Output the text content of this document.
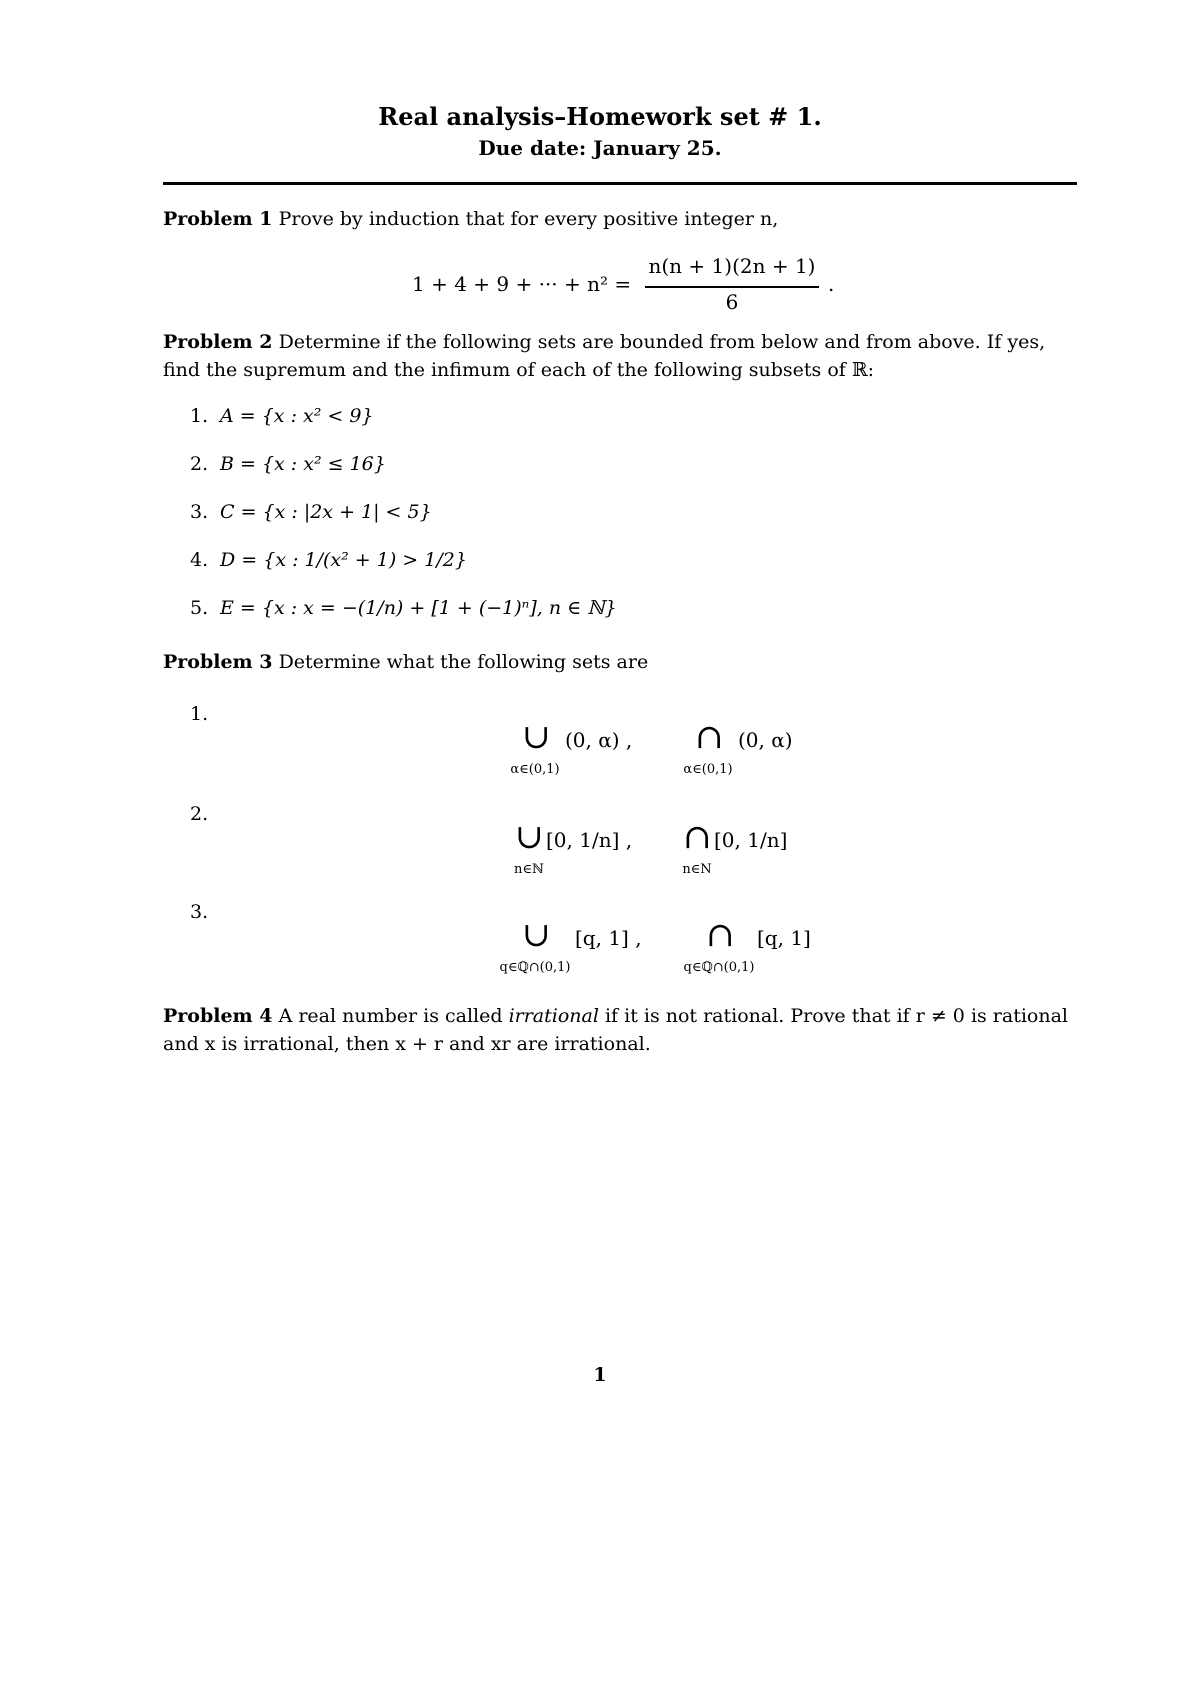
Real analysis–Homework set # 1.
Due date: January 25.
Problem 1 Prove by induction that for every positive integer n,
1 + 4 + 9 + ··· + n² =
n(n + 1)(2n + 1)
6
.
Problem 2 Determine if the following sets are bounded from below and from above. If yes, find the supremum and the infimum of each of the following subsets of ℝ:
1. A = {x : x² < 9}
2. B = {x : x² ≤ 16}
3. C = {x : |2x + 1| < 5}
4. D = {x : 1/(x² + 1) > 1/2}
5. E = {x : x = −(1/n) + [1 + (−1)ⁿ], n ∈ ℕ}
Problem 3 Determine what the following sets are
1.
∪
α∈(0,1)
(0, α) , ∩
α∈(0,1)
(0, α)
2.
∪
n∈ℕ
[0, 1/n] , ∩
n∈N
[0, 1/n]
3.
∪
q∈ℚ∩(0,1)
[q, 1] , ∩
q∈ℚ∩(0,1)
[q, 1]
Problem 4 A real number is called irrational if it is not rational. Prove that if r ≠ 0 is rational and x is irrational, then x + r and xr are irrational.
1
